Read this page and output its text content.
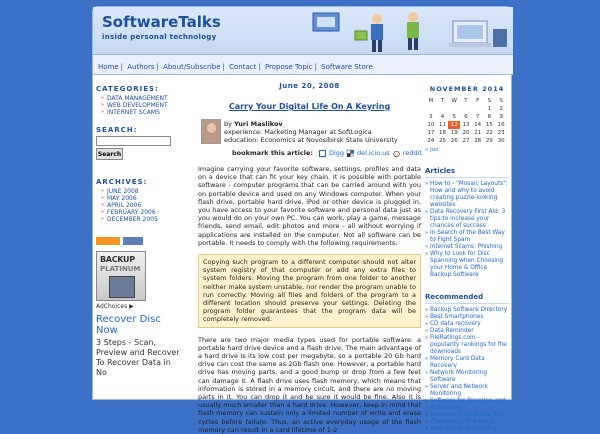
SoftwareTalks
inside personal technology
Home | Authors | About/Subscribe | Contact | Propose Topic | Software Store
CATEGORIES:
» DATA MANAGEMENT
» WEB DEVELOPMENT
» INTERNET SCAMS
SEARCH:
Search
ARCHIVES:
» JUNE 2008
» MAY 2006
» APRIL 2006
» FEBRUARY 2006
» DECEMBER 2005
BACKUP
PLATINUM
AdChoices ▶
Recover Disc Now
3 Steps - Scan, Preview and Recover To Recover Data in No
June 20, 2008
Carry Your Digital Life On A Keyring
by Yuri Maslikov
experience: Marketing Manager at SoftLogica
education: Economics at Novosibirsk State University
bookmark this article: Digg del.icio.us reddit

Imagine carrying your favorite software, settings, profiles and data on a device that can fit your key chain. It is possible with portable software - computer programs that can be carried around with you on portable device and used on any Windows computer. When your flash drive, portable hard drive, iPod or other device is plugged in, you have access to your favorite software and personal data just as you would do on your own PC. You can work, play a game, message friends, send email, edit photos and more - all without worrying if applications are installed on the computer. Not all software can be portable. It needs to comply with the following requirements.

Copying such program to a different computer should not alter system registry of that computer or add any extra files to system folders. Moving the program from one folder to another neither make system unstable, nor render the program unable to run correctly. Moving all files and folders of the program to a different location should preserve your settings. Deleting the program folder guarantees that the program data will be completely removed.

There are two major media types used for portable software: a portable hard drive device and a flash drive. The main advantage of a hard drive is its low cost per megabyte, so a portable 20 Gb hard drive can cost the same as 2Gb flash one. However, a portable hard drive has moving parts, and a good bump or drop from a few feet can damage it. A flash drive uses flash memory, which means that information is stored in a memory circuit, and there are no moving parts in it. You can drop it and be sure it would be fine. Also it is usually much smaller than a hard drive. However, keep in mind that flash memory can sustain only a limited number of write and erase cycles before failure. Thus, an active everyday usage of the flash memory can result in a card lifetime of 1-2

NOVEMBER 2014
M	T	W	T	F	S	S
					1	2
3	4	5	6	7	8	9
10	11	12	13	14	15	16
17	18	19	20	21	22	23
24	25	26	27	28	29	30
« Jun
Articles
» How to - "Mosaic Layouts": How and why to avoid creating puzzle-looking websites
» Data Recovery First Aid: 3 tips to increase your chances of success
» In Search of the Best Way to Fight Spam
» Internet Scams: Phishing
» Why to Look for Disc Spanning when Choosing your Home & Office Backup Software
Recommended
» Backup Software Directory
» Best Smartphones
» CD data recovery
» Data Reminder
» FileRatings.com - popularity rankings for file downloads
» Memory Card Data Recovery
» Network Monitoring Software
» Server and Network Monitoring
» Software for Blogging and Podcasting
» Software to undelete files
» The History of Backup
» Web Server Monitoring
